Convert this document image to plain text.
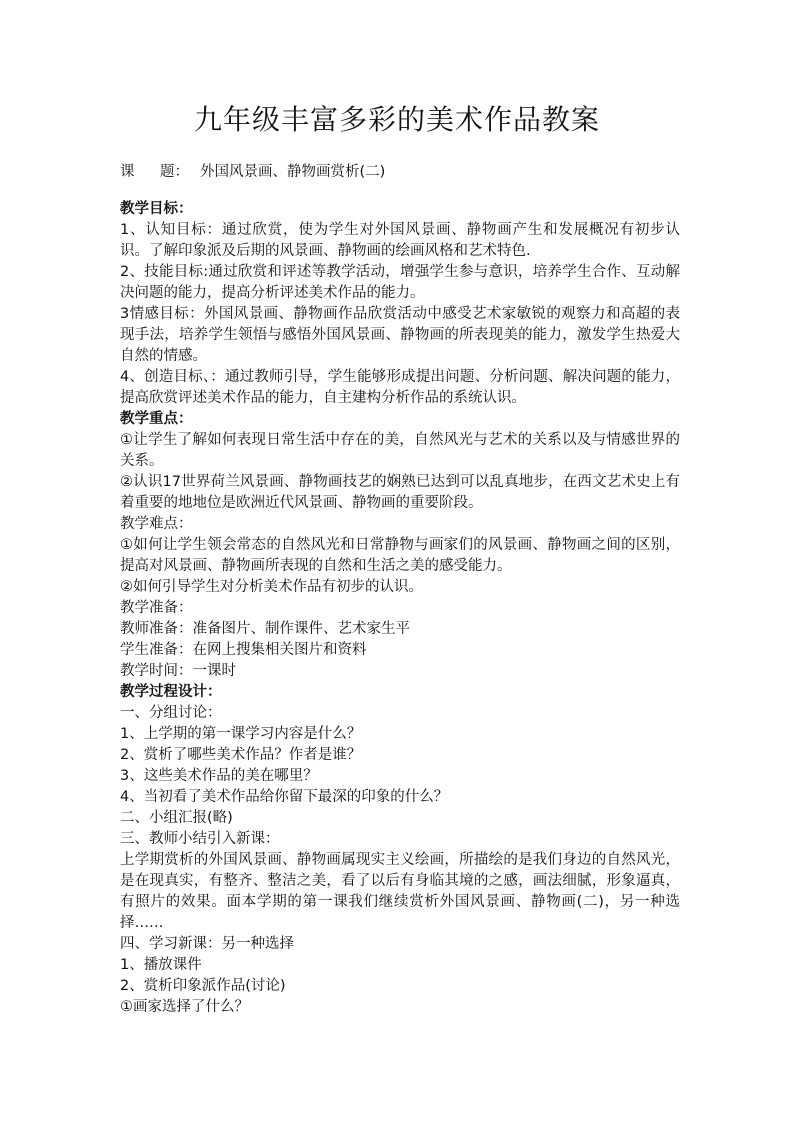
九年级丰富多彩的美术作品教案
课 题： 外国风景画、静物画赏析(二)

教学目标：

1、认知目标：通过欣赏，使为学生对外国风景画、静物画产生和发展概况有初步认识。了解印象派及后期的风景画、静物画的绘画风格和艺术特色.

2、技能目标:通过欣赏和评述等教学活动，增强学生参与意识，培养学生合作、互动解决问题的能力，提高分析评述美术作品的能力。

3情感目标：外国风景画、静物画作品欣赏活动中感受艺术家敏锐的观察力和高超的表现手法，培养学生领悟与感悟外国风景画、静物画的所表现美的能力，激发学生热爱大自然的情感。

4、创造目标、：通过教师引导，学生能够形成提出问题、分析问题、解决问题的能力，提高欣赏评述美术作品的能力，自主建构分析作品的系统认识。

教学重点：

①让学生了解如何表现日常生活中存在的美，自然风光与艺术的关系以及与情感世界的关系。

②认识17世界荷兰风景画、静物画技艺的娴熟已达到可以乱真地步，在西文艺术史上有着重要的地地位是欧洲近代风景画、静物画的重要阶段。

教学难点：

①如何让学生领会常态的自然风光和日常静物与画家们的风景画、静物画之间的区别，提高对风景画、静物画所表现的自然和生活之美的感受能力。

②如何引导学生对分析美术作品有初步的认识。

教学准备：

教师准备：准备图片、制作课件、艺术家生平

学生准备：在网上搜集相关图片和资料

教学时间：一课时

教学过程设计：

一、分组讨论：

1、上学期的第一课学习内容是什么？

2、赏析了哪些美术作品？作者是谁？

3、这些美术作品的美在哪里？

4、当初看了美术作品给你留下最深的印象的什么？

二、小组汇报(略)

三、教师小结引入新课：

上学期赏析的外国风景画、静物画属现实主义绘画，所描绘的是我们身边的自然风光，是在现真实，有整齐、整洁之美，看了以后有身临其境的之感，画法细腻，形象逼真，有照片的效果。面本学期的第一课我们继续赏析外国风景画、静物画(二)，另一种选择……

四、学习新课：另一种选择

1、播放课件

2、赏析印象派作品(讨论)

①画家选择了什么？
